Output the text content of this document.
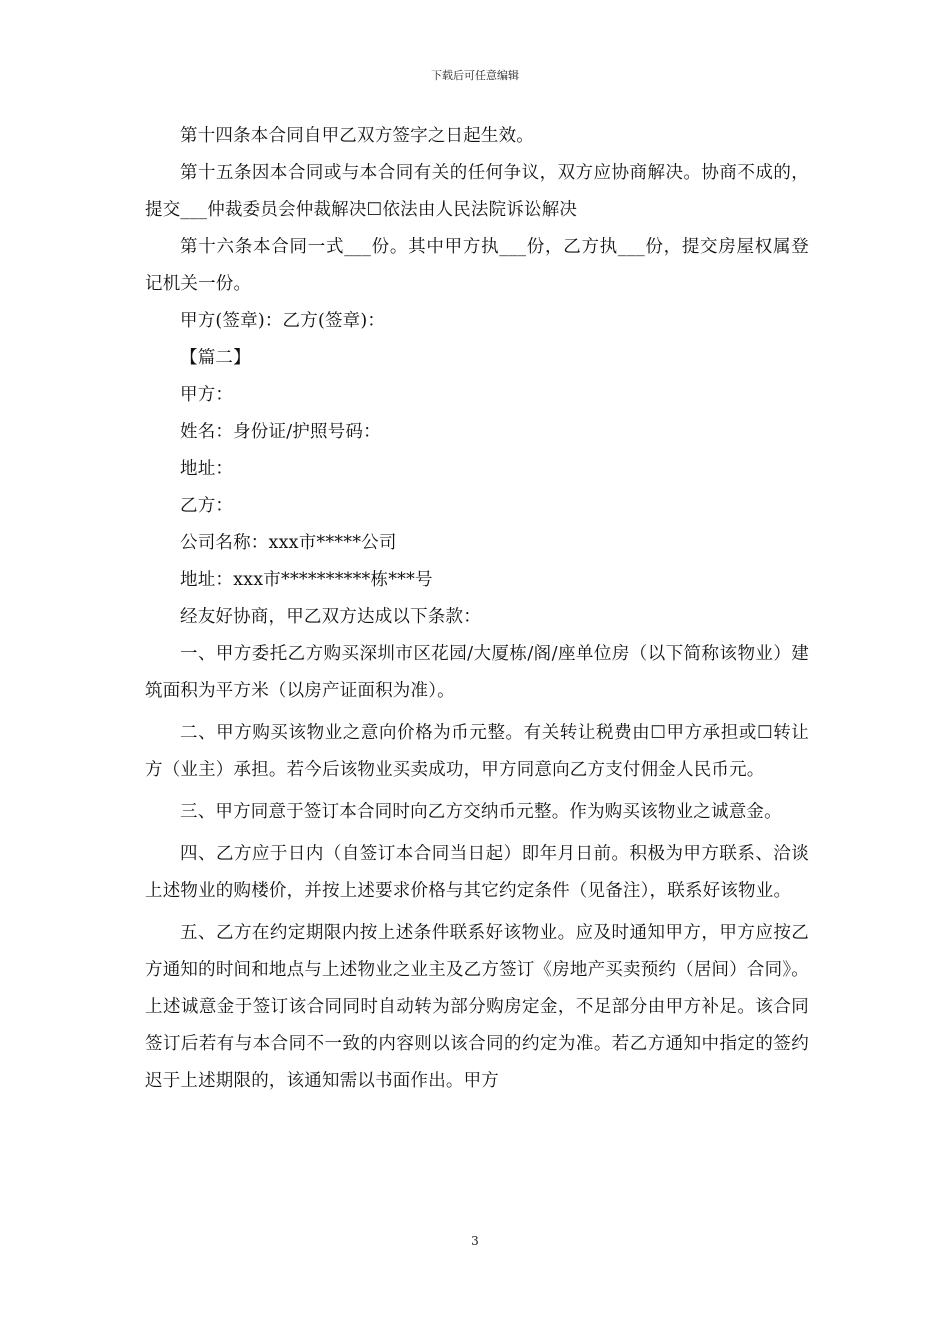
下载后可任意编辑

第十四条本合同自甲乙双方签字之日起生效。

第十五条因本合同或与本合同有关的任何争议，双方应协商解决。协商不成的，提交___仲裁委员会仲裁解决☐依法由人民法院诉讼解决

第十六条本合同一式___份。其中甲方执___份，乙方执___份，提交房屋权属登记机关一份。

甲方(签章)：乙方(签章)：

【篇二】

甲方：

姓名：身份证/护照号码：

地址：

乙方：

公司名称：xxx市*****公司

地址：xxx市**********栋***号

经友好协商，甲乙双方达成以下条款：

一、甲方委托乙方购买深圳市区花园/大厦栋/阁/座单位房（以下简称该物业）建筑面积为平方米（以房产证面积为准）。

二、甲方购买该物业之意向价格为币元整。有关转让税费由☐甲方承担或☐转让方（业主）承担。若今后该物业买卖成功，甲方同意向乙方支付佣金人民币元。

三、甲方同意于签订本合同时向乙方交纳币元整。作为购买该物业之诚意金。

四、乙方应于日内（自签订本合同当日起）即年月日前。积极为甲方联系、洽谈上述物业的购楼价，并按上述要求价格与其它约定条件（见备注），联系好该物业。

五、乙方在约定期限内按上述条件联系好该物业。应及时通知甲方，甲方应按乙方通知的时间和地点与上述物业之业主及乙方签订《房地产买卖预约（居间）合同》。上述诚意金于签订该合同同时自动转为部分购房定金，不足部分由甲方补足。该合同签订后若有与本合同不一致的内容则以该合同的约定为准。若乙方通知中指定的签约迟于上述期限的，该通知需以书面作出。甲方

3
